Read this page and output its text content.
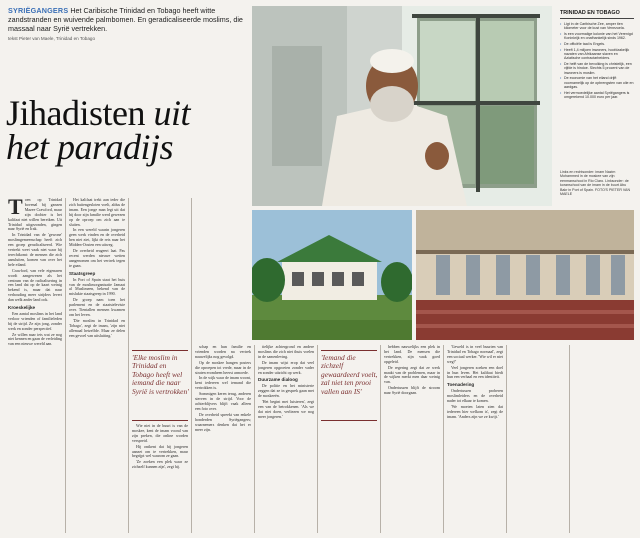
SYRIËGANGERS Het Caribische Trinidad en Tobago heeft witte zandstranden en wuivende palmbomen. En geradicaliseerde moslims, die massaal naar Syrië vertrekken.
tekst Pieter van Maele, Trinidad en Tobago
Jihadisten uit
het paradijs
TRINIDAD EN TOBAGO
• Ligt in de Caribische Zee, amper tien kilometer voor de kust van Venezuela.
• Is een voormalige kolonie van het Verenigd Koninkrijk en onafhankelijk sinds 1962.
• De officiële taal is Engels.
• Heeft 1,4 miljoen inwoners, hoofdzakelijk nazaten van Afrikaanse slaven en Aziatische contractarbeiders.
• De helft van de bevolking is christelijk, een vijfde is hindoe. Slechts 5 procent van de inwoners is moslim.
• De economie van het eiland drijft voornamelijk op de opbrengsten van olie en aardgas.
• Het vermoedelijke aantal Syriëgangers is omgerekend 10.000 euro per jaar.
Links en rechtsonder: imam Nazim Mohammed in de moskee van zijn eenmanschool in Rio Claro. Linksonder: de koranschool van de imam in de buurt Abu Bakr in Port of Spain. FOTO'S PIETER VAN MAELE
T oen op Trinidad bovenal bij ganzen Mazee Crawford, maar zijn dochter is het kalifaat niet willen bereiken. Uit Trinidad uitgezonden, gingen naar Syrië en Irak.

In Trinidad van de 'gewone' moslimgemeenschap heeft zich een groep geradicaliseerd. Wie vertrekt weet vaak niet waar hij terechtkomt: de mensen die zich aansluiten, komen van over het hele eiland.

Crawford, van vele eigenaren wordt aangewezen als het centrum van de radicalisering in een land dat op de kaart weinig bekend is, maar dat naar verhouding meer strijders levert dan welk ander land ook.

Kroeskelijke

Een aantal moslims in het land verloor vrienden of familieleden bij de strijd. Ze zijn jong, zonder werk en zonder perspectief.

Ze willen naar iets wat ze nog niet kennen en gaan de verleiding van een nieuwe wereld aan.

Het kalifaat trekt aan ieder die zich buitengesloten voelt, aldus de imam. Een jonge man legt uit dat hij door zijn familie werd gewezen op de oproep om zich aan te sluiten.

In een wereld waarin jongeren geen werk vinden en de overheid hen niet ziet, lijkt de reis naar het Midden-Oosten een uitweg.

De overheid reageert laat. Pas recent werden nieuwe wetten aangenomen om het vertrek tegen te gaan.

Staatsgreep

In Port of Spain staat het huis van de moslimorganisatie Jamaat al Muslimeen, bekend van de mislukte staatsgreep in 1990.

De groep nam toen het parlement en de staatstelevisie over. Tientallen mensen kwamen om het leven.

'Die moslim in Trinidad en Tobago', zegt de imam, 'zijn niet allemaal hetzelfde. Maar ze delen een gevoel van uitsluiting.'

'Elke moslim in Trinidad en Tobago heeft wel iemand die naar Syrië is vertrokken'

Wie niet in de buurt is van de moskee, kent de imam vooral van zijn preken, die online worden verspreid.

Hij ontkent dat hij jongeren aanzet om te vertrekken, maar begrijpt wel waarom ze gaan.

'Ze zoeken een plek waar ze zichzelf kunnen zijn', zegt hij.

schap en hun familie en vrienden worden na vertrek nauwelijks nog gevolgd.

Op de moskee hangen posters die oproepen tot vrede, maar in de straten eromheen heerst armoede.

In de wijk waar de imam woont, kent iedereen wel iemand die vertrokken is.

Sommigen keren terug, anderen sterven in de strijd. Voor de achterblijvers blijft vaak alleen een foto over.

De overheid spreekt van enkele honderden Syriëgangers; waarnemers denken dat het er meer zijn.

tielijke achtergrond en andere moslims die zich niet thuis voelen in de samenleving.

De imam wijst erop dat veel jongeren opgroeien zonder vader en zonder uitzicht op werk.

Duurzame dialoog

De politie en het ministerie zeggen dat ze in gesprek gaan met de moskeeën.

'Het begint met luisteren', zegt een van de betrokkenen. 'Als we dat niet doen, verliezen we nog meer jongeren.'

'Iemand die zichzelf gewaardeerd voelt, zal niet ten prooi vallen aan IS'

hebben nauwelijks een plek in het land. De mensen die vertrekken, zijn vaak goed opgeleid.

De regering zegt dat ze werk maakt van de problemen, maar in de wijken merkt men daar weinig van.

Ondertussen blijft de stroom naar Syrië doorgaan.

'Geweld is in veel buurten van Trinidad en Tobago normaal', zegt een sociaal werker. 'Wie wil er niet weg?'

Veel jongeren zoeken een doel in hun leven. Het kalifaat biedt hun een verhaal en een identiteit.

Toenadering

Ondertussen proberen moslimleiders en de overheid nader tot elkaar te komen.

'We moeten laten zien dat iedereen hier welkom is', zegt de imam. 'Anders zijn we ze kwijt.'
